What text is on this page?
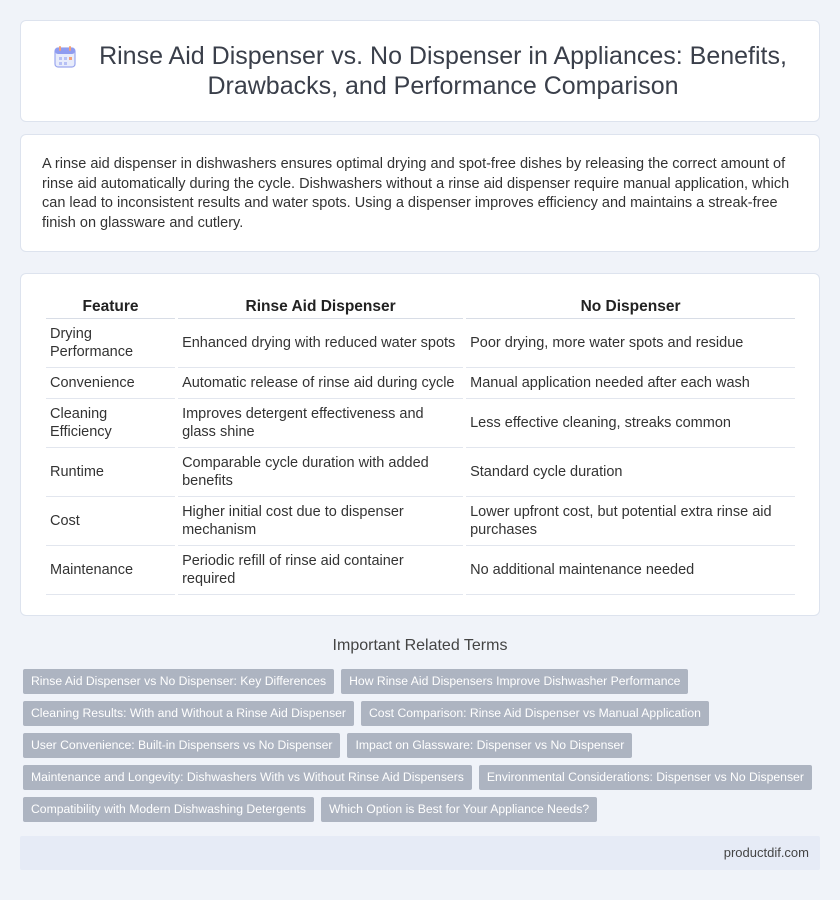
Rinse Aid Dispenser vs. No Dispenser in Appliances: Benefits, Drawbacks, and Performance Comparison

A rinse aid dispenser in dishwashers ensures optimal drying and spot-free dishes by releasing the correct amount of rinse aid automatically during the cycle. Dishwashers without a rinse aid dispenser require manual application, which can lead to inconsistent results and water spots. Using a dispenser improves efficiency and maintains a streak-free finish on glassware and cutlery.

Feature	Rinse Aid Dispenser	No Dispenser
Drying Performance	Enhanced drying with reduced water spots	Poor drying, more water spots and residue
Convenience	Automatic release of rinse aid during cycle	Manual application needed after each wash
Cleaning Efficiency	Improves detergent effectiveness and glass shine	Less effective cleaning, streaks common
Runtime	Comparable cycle duration with added benefits	Standard cycle duration
Cost	Higher initial cost due to dispenser mechanism	Lower upfront cost, but potential extra rinse aid purchases
Maintenance	Periodic refill of rinse aid container required	No additional maintenance needed
Important Related Terms
Rinse Aid Dispenser vs No Dispenser: Key Differences	How Rinse Aid Dispensers Improve Dishwasher Performance
Cleaning Results: With and Without a Rinse Aid Dispenser	Cost Comparison: Rinse Aid Dispenser vs Manual Application
User Convenience: Built-in Dispensers vs No Dispenser	Impact on Glassware: Dispenser vs No Dispenser
Maintenance and Longevity: Dishwashers With vs Without Rinse Aid Dispensers	Environmental Considerations: Dispenser vs No Dispenser
Compatibility with Modern Dishwashing Detergents	Which Option is Best for Your Appliance Needs?
productdif.com
